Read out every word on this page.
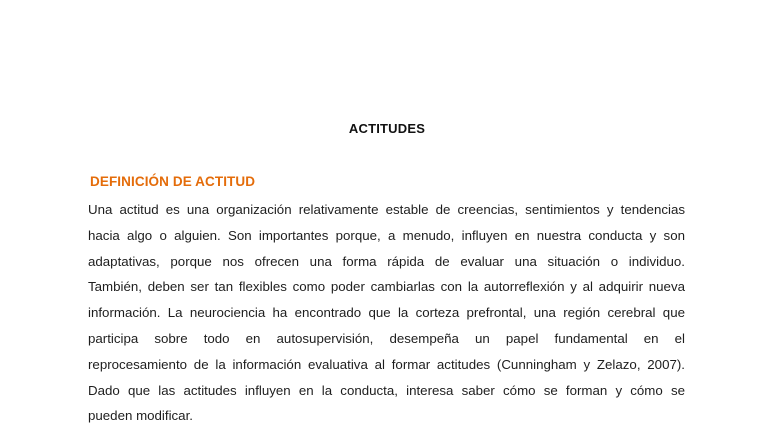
ACTITUDES
DEFINICIÓN DE ACTITUD
Una actitud es una organización relativamente estable de creencias, sentimientos y tendencias
hacia algo o alguien. Son importantes porque, a menudo, influyen en nuestra conducta y son
adaptativas, porque nos ofrecen una forma rápida de evaluar una situación o individuo.
También, deben ser tan flexibles como poder cambiarlas con la autorreflexión y al adquirir nueva
información. La neurociencia ha encontrado que la corteza prefrontal, una región cerebral que
participa sobre todo en autosupervisión, desempeña un papel fundamental en el
reprocesamiento de la información evaluativa al formar actitudes (Cunningham y Zelazo, 2007).
Dado que las actitudes influyen en la conducta, interesa saber cómo se forman y cómo se
pueden modificar.
